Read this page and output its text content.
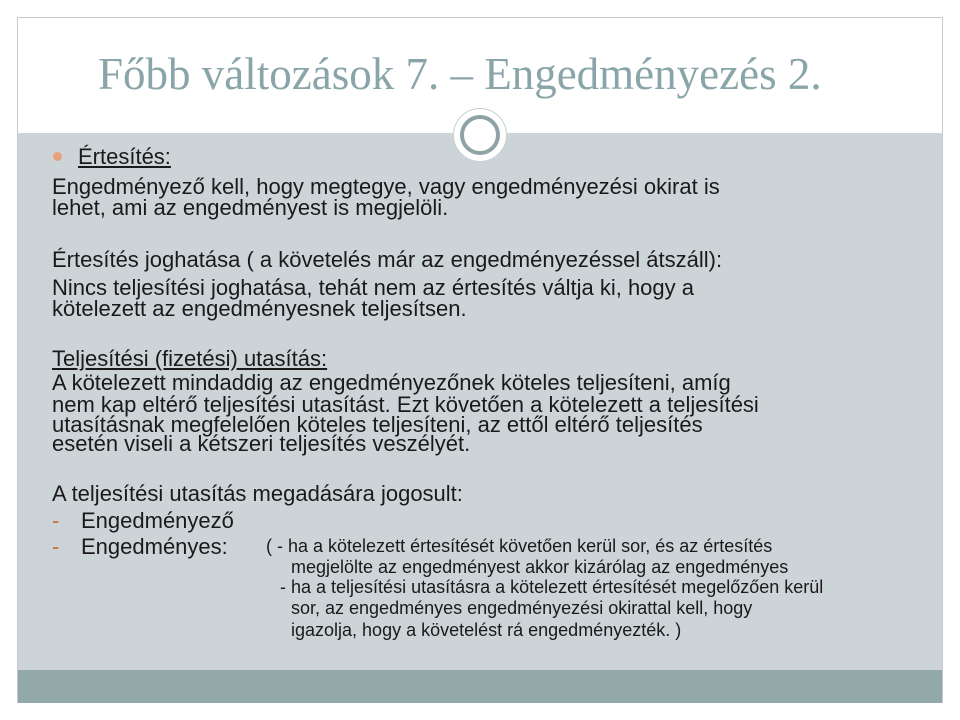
Főbb változások 7. – Engedményezés 2.
Értesítés:
Engedményező kell, hogy megtegye, vagy engedményezési okirat is
lehet, ami az engedményest is megjelöli.
Értesítés joghatása ( a követelés már az engedményezéssel átszáll):
Nincs teljesítési joghatása, tehát nem az értesítés váltja ki, hogy a
kötelezett az engedményesnek teljesítsen.
Teljesítési (fizetési) utasítás:
A kötelezett mindaddig az engedményezőnek köteles teljesíteni, amíg
nem kap eltérő teljesítési utasítást. Ezt követően a kötelezett a teljesítési
utasításnak megfelelően köteles teljesíteni, az ettől eltérő teljesítés
esetén viseli a kétszeri teljesítés veszélyét.
A teljesítési utasítás megadására jogosult:
- Engedményező
- Engedményes: ( - ha a kötelezett értesítését követően kerül sor, és az értesítés
megjelölte az engedményest akkor kizárólag az engedményes
- ha a teljesítési utasításra a kötelezett értesítését megelőzően kerül
sor, az engedményes engedményezési okirattal kell, hogy
igazolja, hogy a követelést rá engedményezték. )
